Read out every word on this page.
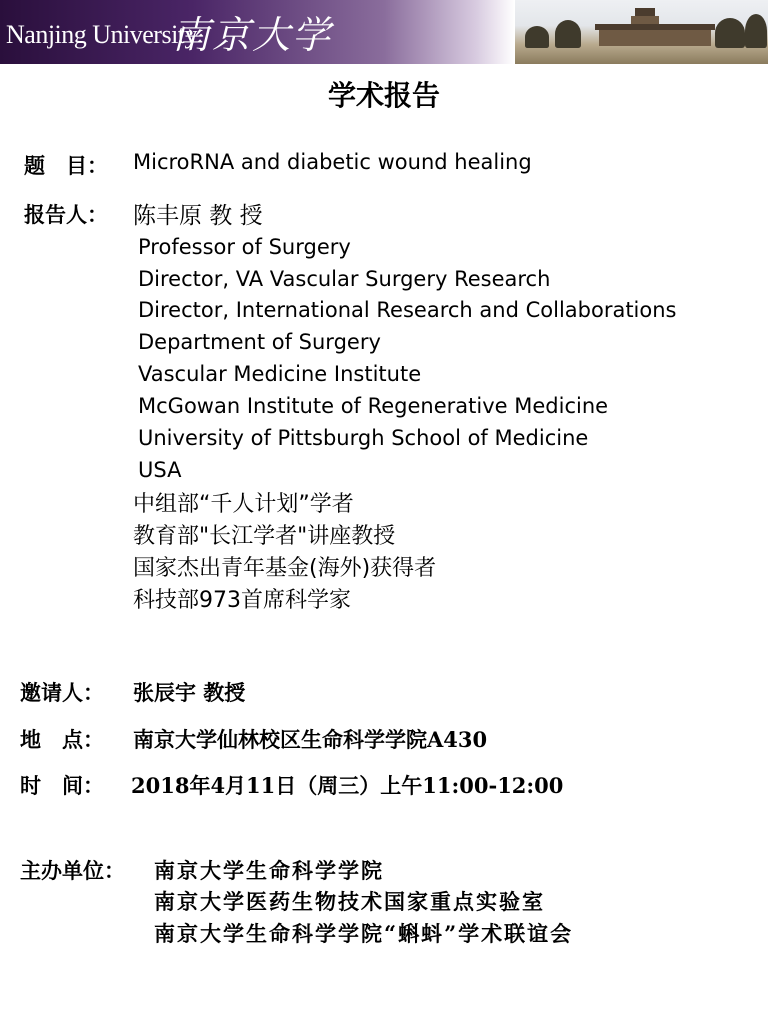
Nanjing University
南京大学
学术报告
题　目： MicroRNA and diabetic wound healing
报告人： 陈丰原 教 授
Professor of Surgery
Director, VA Vascular Surgery Research
Director, International Research and Collaborations
Department of Surgery
Vascular Medicine Institute
McGowan Institute of Regenerative Medicine
University of Pittsburgh School of Medicine
USA
中组部“千人计划”学者
教育部"长江学者"讲座教授
国家杰出青年基金(海外)获得者
科技部973首席科学家
邀请人： 张辰宇 教授
地　点： 南京大学仙林校区生命科学学院A430
时　间： 2018年4月11日（周三）上午11:00-12:00
主办单位： 南京大学生命科学学院
南京大学医药生物技术国家重点实验室
南京大学生命科学学院“蝌蚪”学术联谊会
